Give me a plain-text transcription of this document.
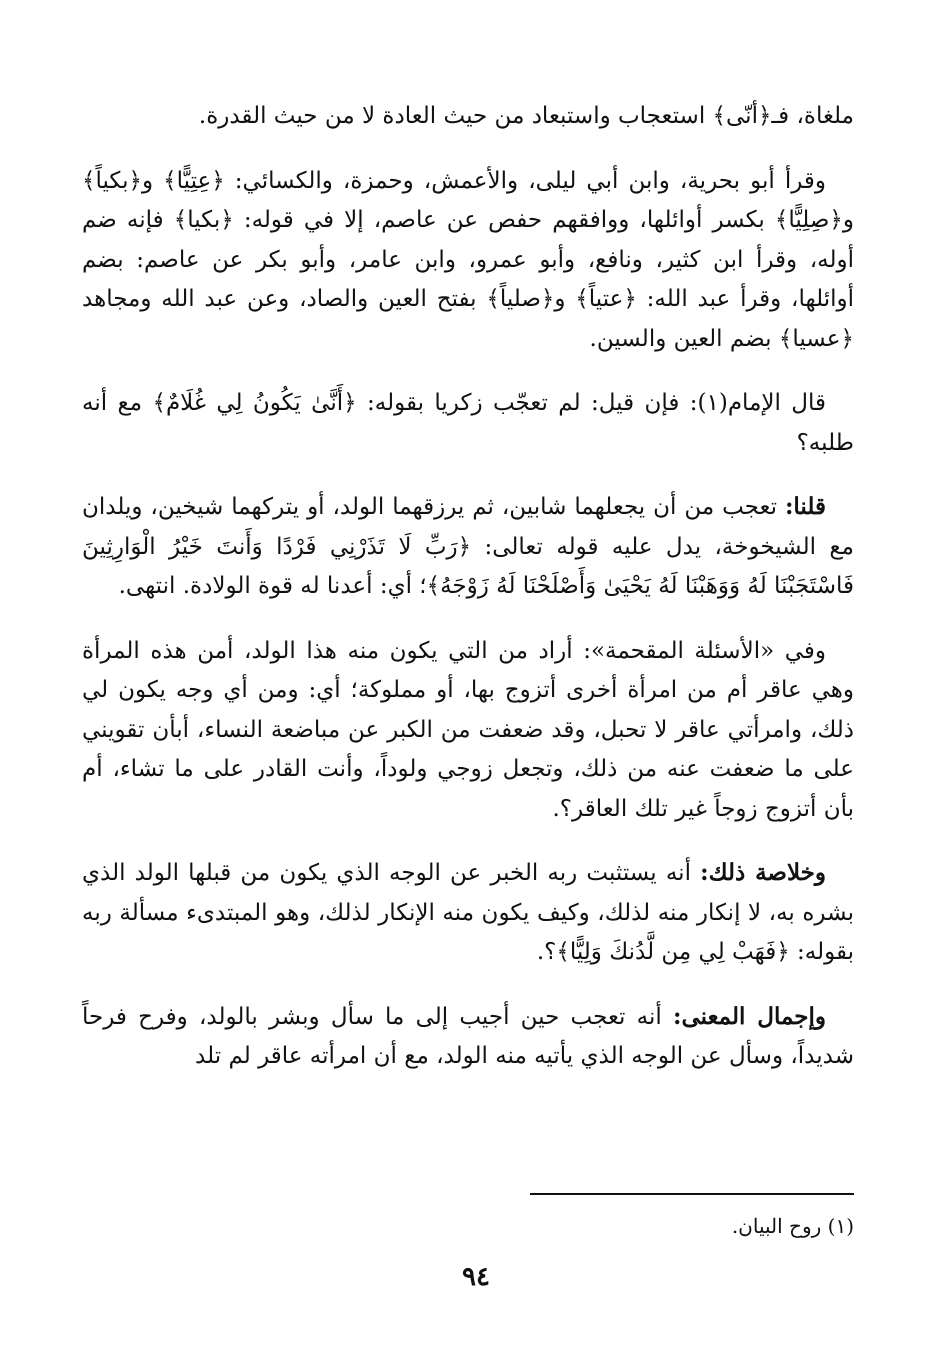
ملغاة، فـ﴿أنّى﴾ استعجاب واستبعاد من حيث العادة لا من حيث القدرة.

وقرأ أبو بحرية، وابن أبي ليلى، والأعمش، وحمزة، والكسائي: ﴿عِتِيًّا﴾ و﴿بكياً﴾ و﴿صِلِيًّا﴾ بكسر أوائلها، ووافقهم حفص عن عاصم، إلا في قوله: ﴿بكيا﴾ فإنه ضم أوله، وقرأ ابن كثير، ونافع، وأبو عمرو، وابن عامر، وأبو بكر عن عاصم: بضم أوائلها، وقرأ عبد الله: ﴿عتياً﴾ و﴿صلياً﴾ بفتح العين والصاد، وعن عبد الله ومجاهد ﴿عسيا﴾ بضم العين والسين.

قال الإمام(١): فإن قيل: لم تعجّب زكريا بقوله: ﴿أَنَّىٰ يَكُونُ لِي غُلَامٌ﴾ مع أنه طلبه؟

قلنا: تعجب من أن يجعلهما شابين، ثم يرزقهما الولد، أو يتركهما شيخين، ويلدان مع الشيخوخة، يدل عليه قوله تعالى: ﴿رَبِّ لَا تَذَرْنِي فَرْدًا وَأَنتَ خَيْرُ الْوَارِثِينَ فَاسْتَجَبْنَا لَهُ وَوَهَبْنَا لَهُ يَحْيَىٰ وَأَصْلَحْنَا لَهُ زَوْجَهُ﴾؛ أي: أعدنا له قوة الولادة. انتهى.

وفي «الأسئلة المقحمة»: أراد من التي يكون منه هذا الولد، أمن هذه المرأة وهي عاقر أم من امرأة أخرى أتزوج بها، أو مملوكة؛ أي: ومن أي وجه يكون لي ذلك، وامرأتي عاقر لا تحبل، وقد ضعفت من الكبر عن مباضعة النساء، أبأن تقويني على ما ضعفت عنه من ذلك، وتجعل زوجي ولوداً، وأنت القادر على ما تشاء، أم بأن أتزوج زوجاً غير تلك العاقر؟.

وخلاصة ذلك: أنه يستثبت ربه الخبر عن الوجه الذي يكون من قبلها الولد الذي بشره به، لا إنكار منه لذلك، وكيف يكون منه الإنكار لذلك، وهو المبتدىء مسألة ربه بقوله: ﴿فَهَبْ لِي مِن لَّدُنكَ وَلِيًّا﴾؟.

وإجمال المعنى: أنه تعجب حين أجيب إلى ما سأل وبشر بالولد، وفرح فرحاً شديداً، وسأل عن الوجه الذي يأتيه منه الولد، مع أن امرأته عاقر لم تلد

(١) روح البيان.
٩٤
